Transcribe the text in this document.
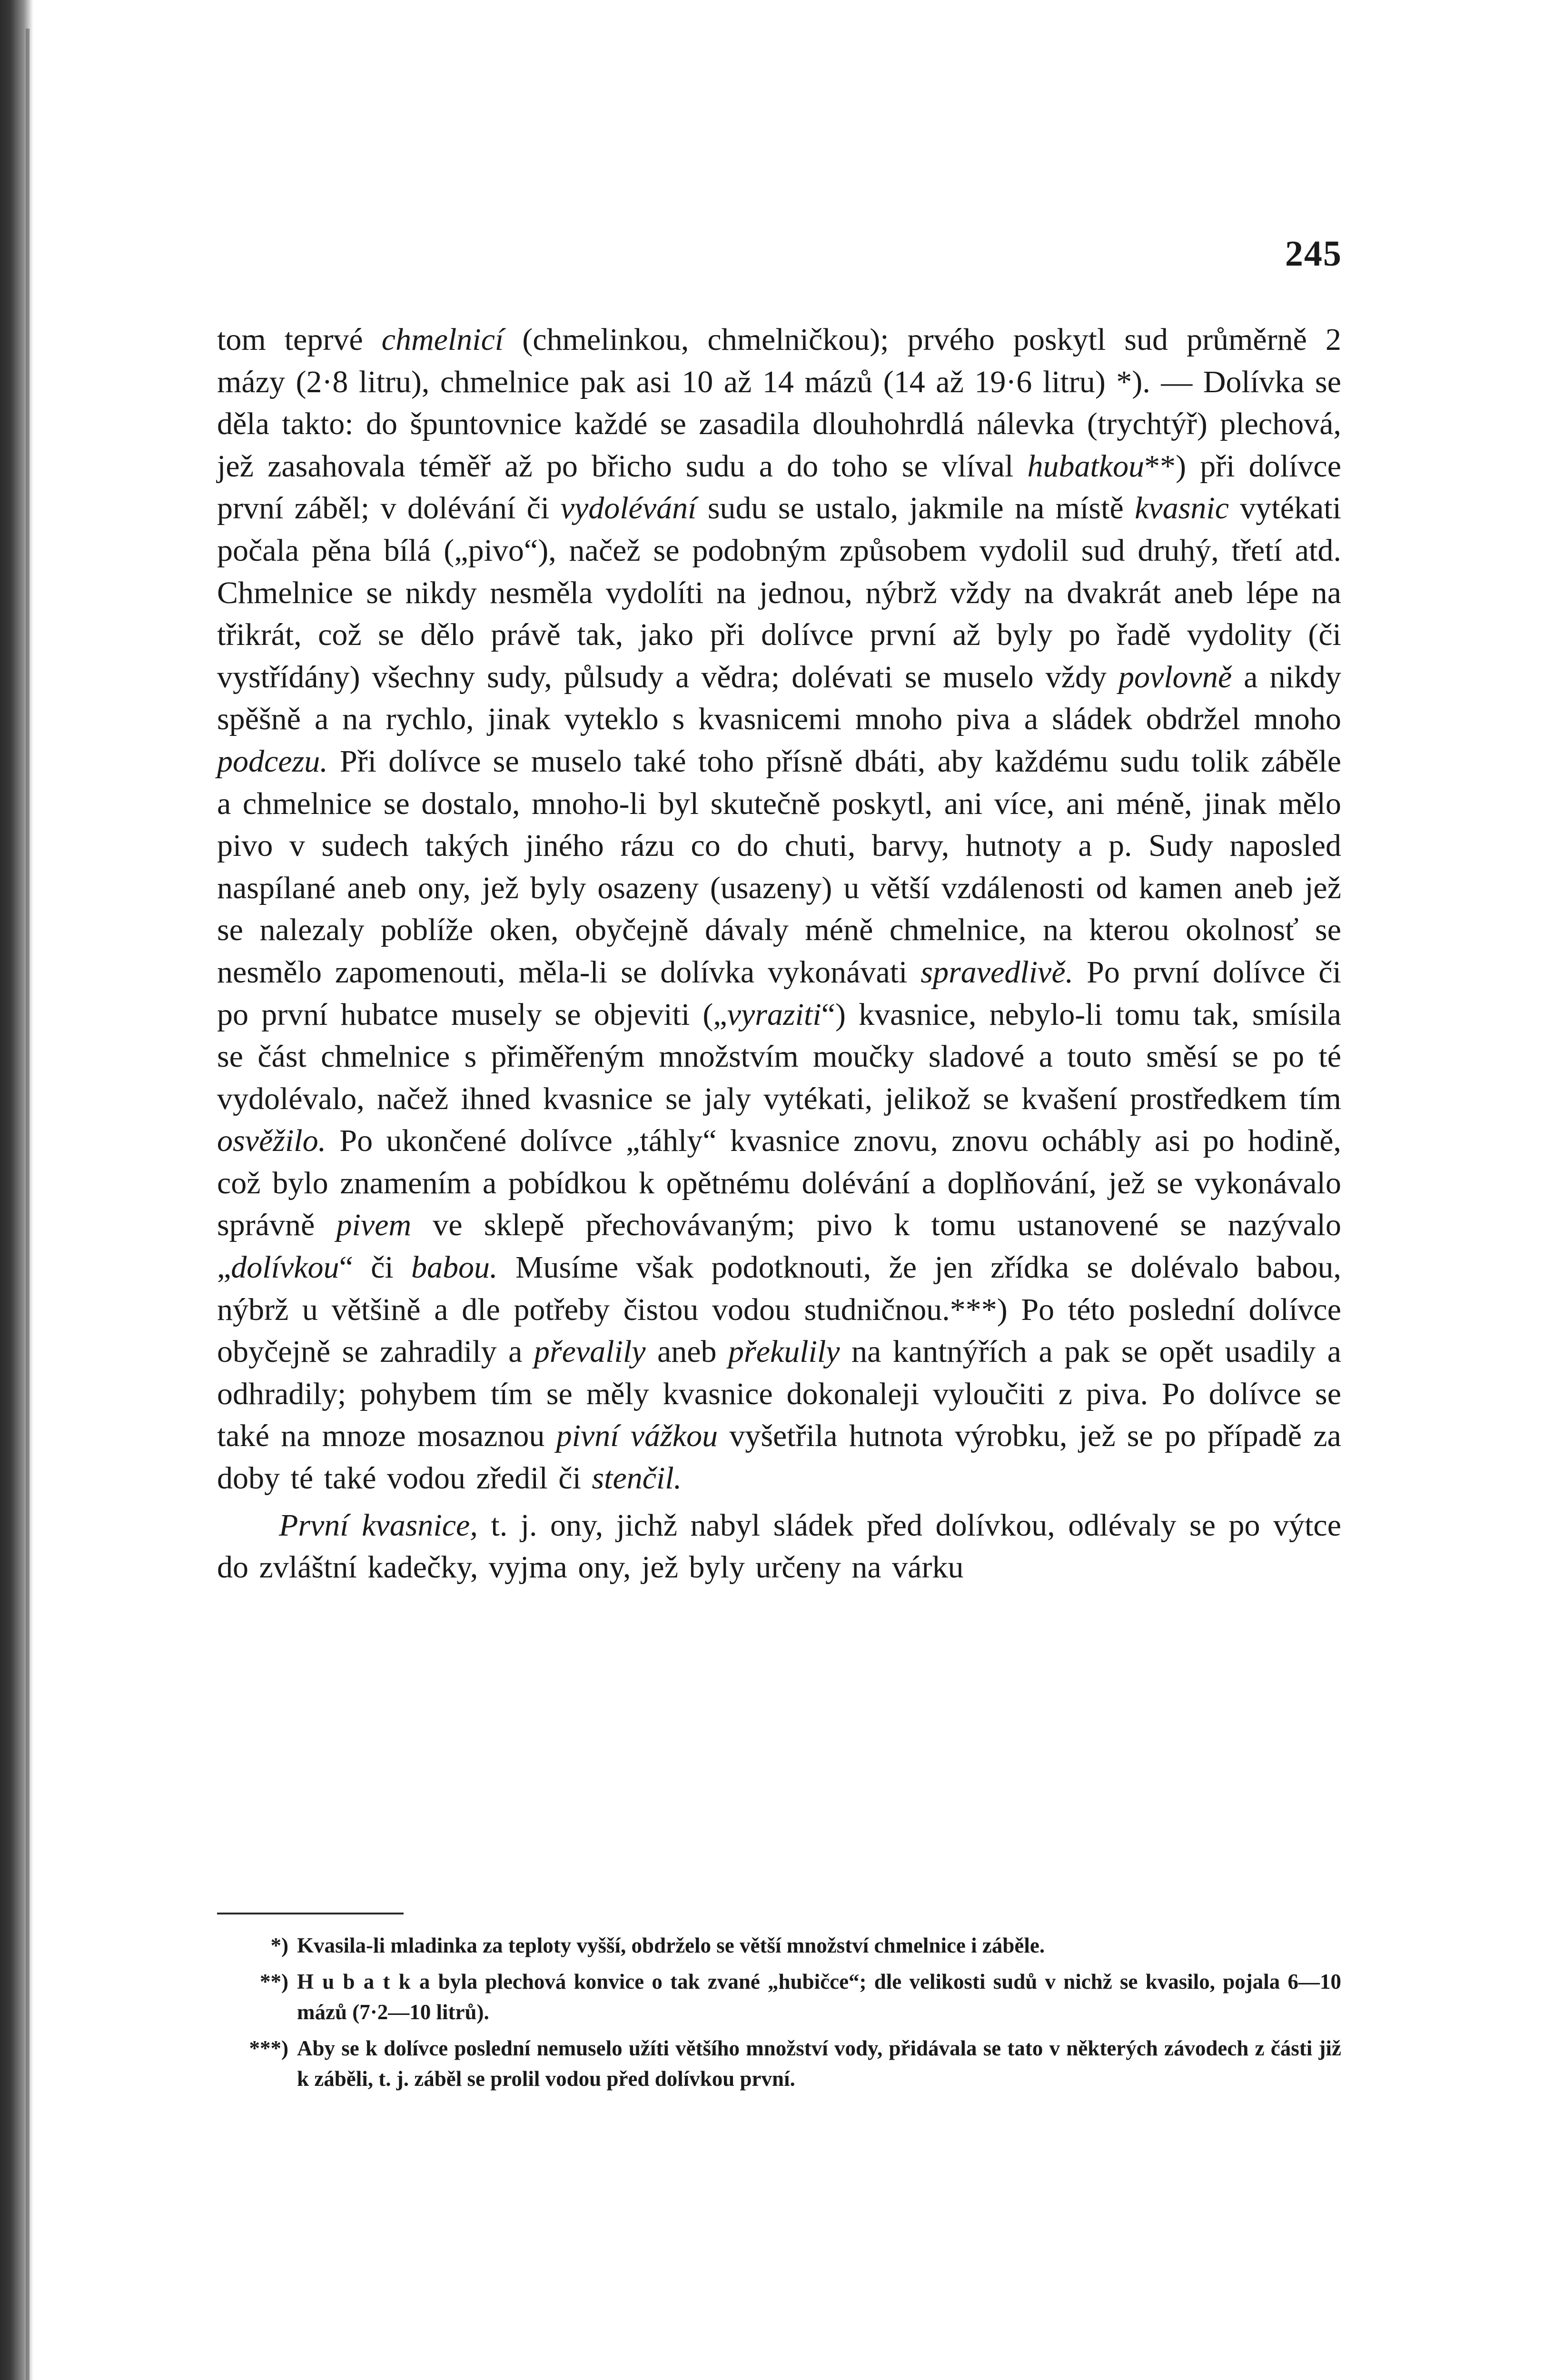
245

tom teprvé chmelnicí (chmelinkou, chmelničkou); prvého poskytl sud průměrně 2 mázy (2·8 litru), chmelnice pak asi 10 až 14 mázů (14 až 19·6 litru) *). — Dolívka se děla takto: do špuntovnice každé se zasadila dlouhohrdlá nálevka (trychtýř) plechová, jež zasahovala téměř až po břicho sudu a do toho se vlíval hubatkou**) při dolívce první záběl; v dolévání či vydolévání sudu se ustalo, jakmile na místě kvasnic vytékati počala pěna bílá („pivo“), načež se podobným způsobem vydolil sud druhý, třetí atd. Chmelnice se nikdy nesměla vydolíti na jednou, nýbrž vždy na dvakrát aneb lépe na třikrát, což se dělo právě tak, jako při dolívce první až byly po řadě vydolity (či vystřídány) všechny sudy, půlsudy a vědra; dolévati se muselo vždy povlovně a nikdy spěšně a na rychlo, jinak vyteklo s kvasnicemi mnoho piva a sládek obdržel mnoho podcezu. Při dolívce se muselo také toho přísně dbáti, aby každému sudu tolik záběle a chmelnice se dostalo, mnoho-li byl skutečně poskytl, ani více, ani méně, jinak mělo pivo v sudech takých jiného rázu co do chuti, barvy, hutnoty a p. Sudy naposled naspílané aneb ony, jež byly osazeny (usazeny) u větší vzdálenosti od kamen aneb jež se nalezaly poblíže oken, obyčejně dávaly méně chmelnice, na kterou okolnosť se nesmělo zapomenouti, měla-li se dolívka vykonávati spravedlivě. Po první dolívce či po první hubatce musely se objeviti („vyraziti“) kvasnice, nebylo-li tomu tak, smísila se část chmelnice s přiměřeným množstvím moučky sladové a touto směsí se po té vydolévalo, načež ihned kvasnice se jaly vytékati, jelikož se kvašení prostředkem tím osvěžilo. Po ukončené dolívce „táhly“ kvasnice znovu, znovu ochábly asi po hodině, což bylo znamením a pobídkou k opětnému dolévání a doplňování, jež se vykonávalo správně pivem ve sklepě přechovávaným; pivo k tomu ustanovené se nazývalo „dolívkou“ či babou. Musíme však podotknouti, že jen zřídka se dolévalo babou, nýbrž u většině a dle potřeby čistou vodou studničnou.***) Po této poslední dolívce obyčejně se zahradily a převalily aneb překulily na kantnýřích a pak se opět usadily a odhradily; pohybem tím se měly kvasnice dokonaleji vyloučiti z piva. Po dolívce se také na mnoze mosaznou pivní vážkou vyšetřila hutnota výrobku, jež se po případě za doby té také vodou zředil či stenčil.

První kvasnice, t. j. ony, jichž nabyl sládek před dolívkou, odlévaly se po výtce do zvláštní kadečky, vyjma ony, jež byly určeny na várku

*) Kvasila-li mladinka za teploty vyšší, obdrželo se větší množství chmelnice i záběle.
**) H u b a t k a byla plechová konvice o tak zvané „hubičce“; dle velikosti sudů v nichž se kvasilo, pojala 6—10 mázů (7·2—10 litrů).
***) Aby se k dolívce poslední nemuselo užíti většího množství vody, přidávala se tato v některých závodech z části již k záběli, t. j. záběl se prolil vodou před dolívkou první.
